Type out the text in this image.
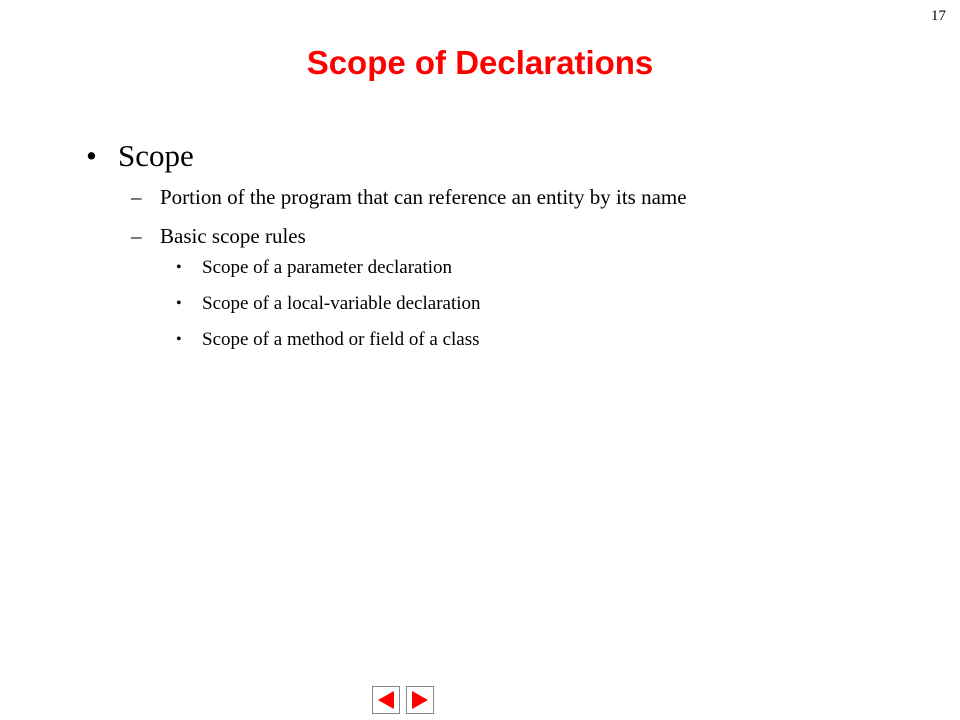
17
Scope of Declarations
• Scope
– Portion of the program that can reference an entity by its name
– Basic scope rules
• Scope of a parameter declaration
• Scope of a local-variable declaration
• Scope of a method or field of a class
